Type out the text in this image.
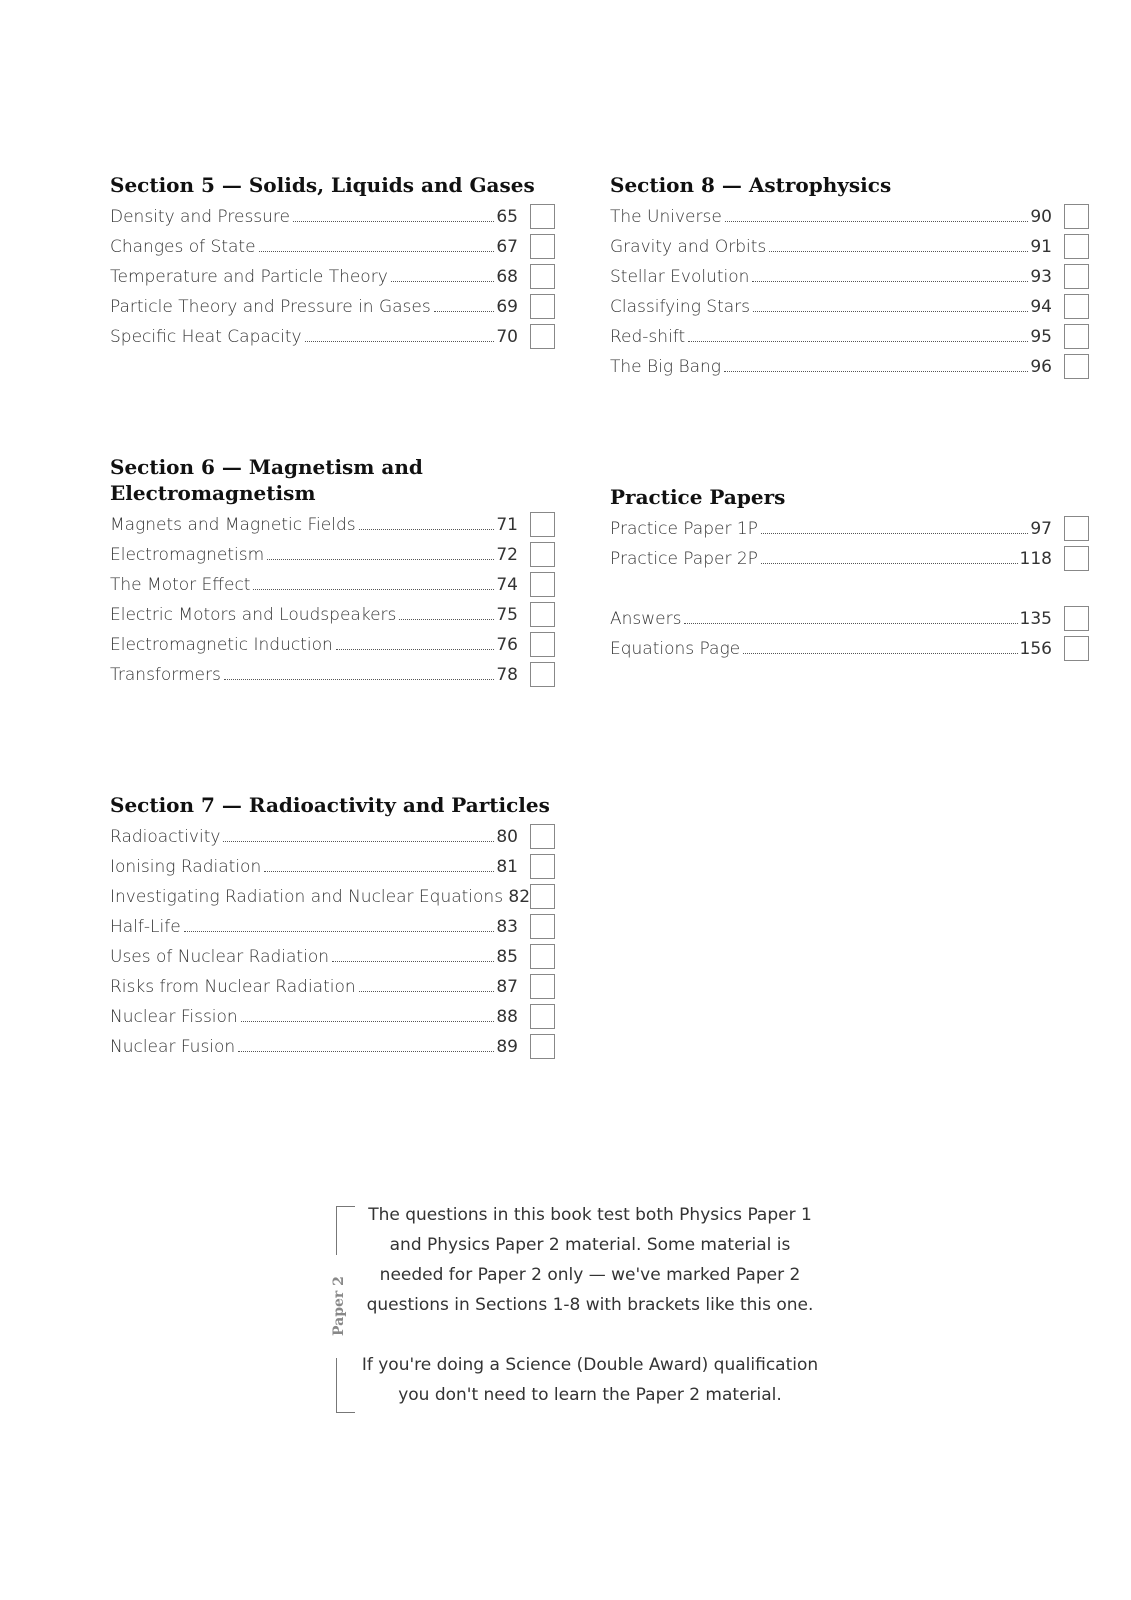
Section 5 — Solids, Liquids and Gases
Density and Pressure	65
Changes of State	67
Temperature and Particle Theory	68
Particle Theory and Pressure in Gases	69
Specific Heat Capacity	70
Section 6 — Magnetism and
Electromagnetism
Magnets and Magnetic Fields	71
Electromagnetism	72
The Motor Effect	74
Electric Motors and Loudspeakers	75
Electromagnetic Induction	76
Transformers	78
Section 7 — Radioactivity and Particles
Radioactivity	80
Ionising Radiation	81
Investigating Radiation and Nuclear Equations 82
Half-Life	83
Uses of Nuclear Radiation	85
Risks from Nuclear Radiation	87
Nuclear Fission	88
Nuclear Fusion	89
Section 8 — Astrophysics
The Universe	90
Gravity and Orbits	91
Stellar Evolution	93
Classifying Stars	94
Red-shift	95
The Big Bang	96
Practice Papers
Practice Paper 1P	97
Practice Paper 2P	118
Answers	135
Equations Page	156
Paper 2
The questions in this book test both Physics Paper 1
and Physics Paper 2 material. Some material is
needed for Paper 2 only — we've marked Paper 2
questions in Sections 1-8 with brackets like this one.
If you're doing a Science (Double Award) qualification
you don't need to learn the Paper 2 material.
